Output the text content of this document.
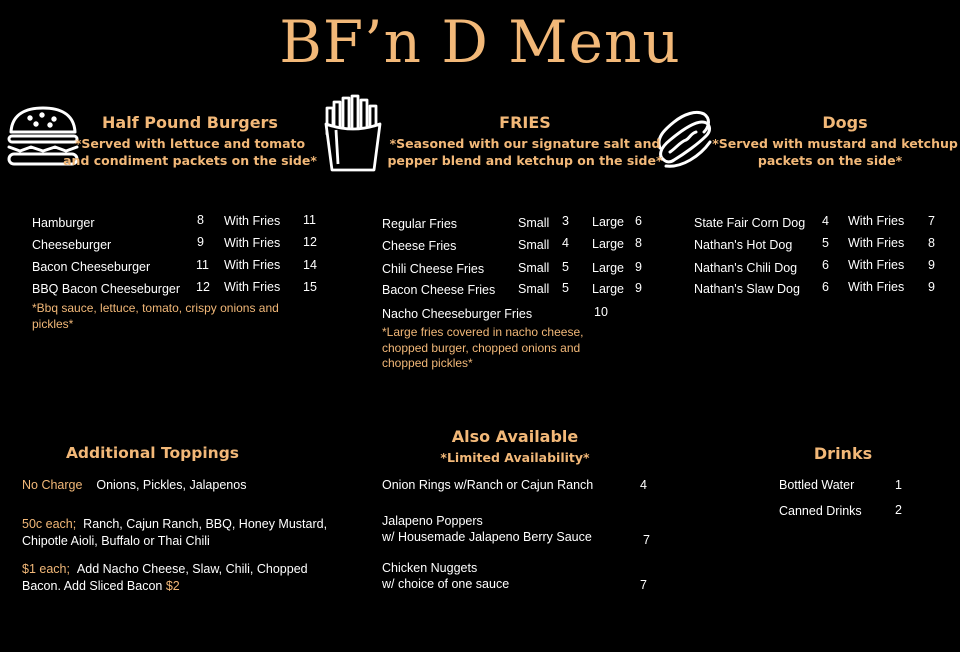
BF’n D Menu
Half Pound Burgers
*Served with lettuce and tomato
and condiment packets on the side*
Hamburger	8 With Fries 11
Cheeseburger	9 With Fries 12
Bacon Cheeseburger	11 With Fries 14
BBQ Bacon Cheeseburger 12 With Fries 15
*Bbq sauce, lettuce, tomato, crispy onions and pickles*
FRIES
*Seasoned with our signature salt and
pepper blend and ketchup on the side*
Regular Fries	Small 3 Large 6
Cheese Fries	Small 4 Large 8
Chili Cheese Fries	Small 5 Large 9
Bacon Cheese Fries Small 5 Large 9
Nacho Cheeseburger Fries	10
*Large fries covered in nacho cheese, chopped burger, chopped onions and chopped pickles*
Dogs
*Served with mustard and ketchup
packets on the side*
State Fair Corn Dog 4 With Fries 7
Nathan's Hot Dog 5 With Fries 8
Nathan's Chili Dog 6 With Fries 9
Nathan's Slaw Dog 6 With Fries 9
Additional Toppings
No Charge Onions, Pickles, Jalapenos
50c each; Ranch, Cajun Ranch, BBQ, Honey Mustard, Chipotle Aioli, Buffalo or Thai Chili
$1 each; Add Nacho Cheese, Slaw, Chili, Chopped Bacon. Add Sliced Bacon $2
Also Available
*Limited Availability*
Onion Rings w/Ranch or Cajun Ranch	4
Jalapeno Poppers
w/ Housemade Jalapeno Berry Sauce	7
Chicken Nuggets
w/ choice of one sauce	7
Drinks
Bottled Water	1
Canned Drinks	2
